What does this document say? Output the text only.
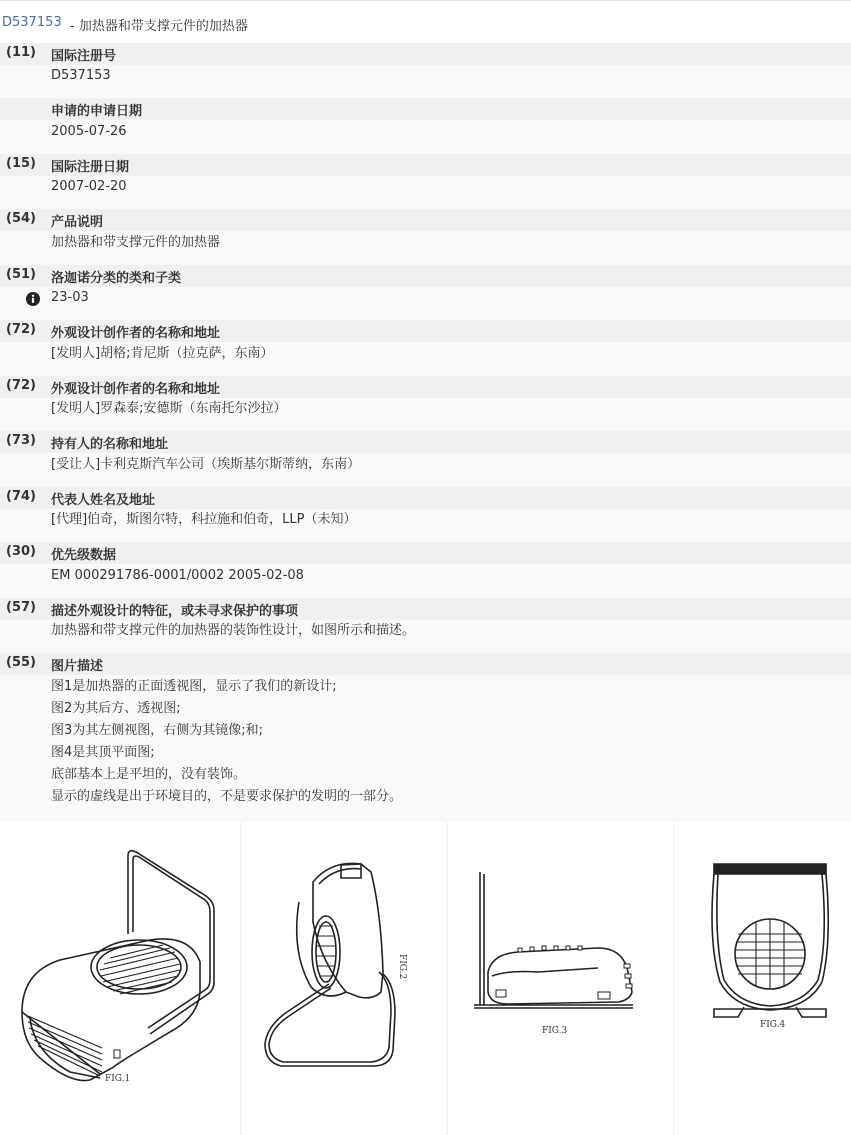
D537153 - 加热器和带支撑元件的加热器
(11) 国际注册号
D537153
申请的申请日期
2005-07-26
(15) 国际注册日期
2007-02-20
(54) 产品说明
加热器和带支撑元件的加热器
(51) 洛迦诺分类的类和子类
23-03
(72) 外观设计创作者的名称和地址
[发明人]胡格;肯尼斯（拉克萨，东南）
(72) 外观设计创作者的名称和地址
[发明人]罗森泰;安德斯（东南托尔沙拉）
(73) 持有人的名称和地址
[受让人]卡利克斯汽车公司（埃斯基尔斯蒂纳，东南）
(74) 代表人姓名及地址
[代理]伯奇，斯图尔特，科拉施和伯奇，LLP（未知）
(30) 优先级数据
EM 000291786-0001/0002 2005-02-08
(57) 描述外观设计的特征，或未寻求保护的事项
加热器和带支撑元件的加热器的装饰性设计，如图所示和描述。
(55) 图片描述
图1是加热器的正面透视图，显示了我们的新设计;
图2为其后方、透视图;
图3为其左侧视图，右侧为其镜像;和;
图4是其顶平面图;
底部基本上是平坦的，没有装饰。
显示的虚线是出于环境目的，不是要求保护的发明的一部分。
FIG.1
FIG.2
FIG.3
FIG.4
